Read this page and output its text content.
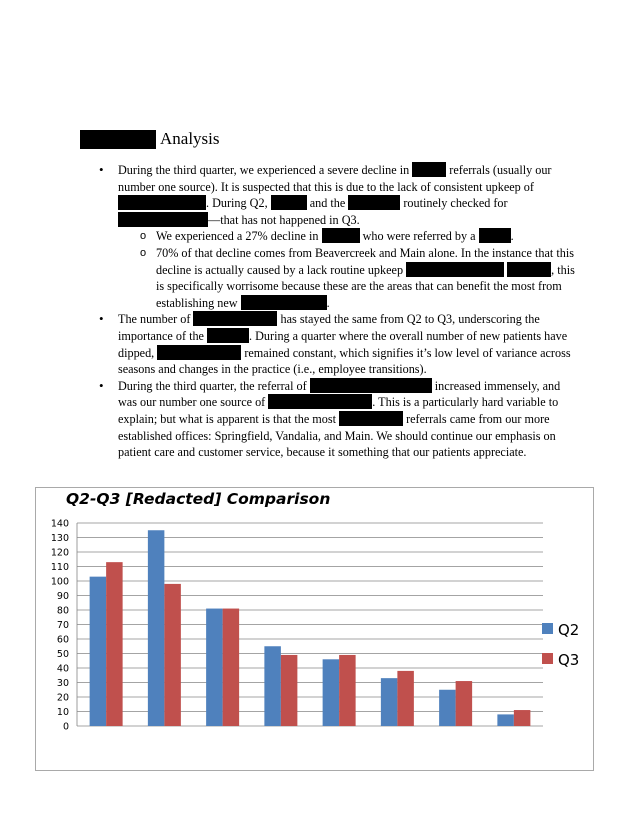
Analysis
• During the third quarter, we experienced a severe decline in	referrals (usually our number one source). It is suspected that this is due to the lack of consistent upkeep of . During Q2,	and the	routinely checked for —that has not happened in Q3.
o We experienced a 27% decline in	who were referred by a	.
o 70% of that decline comes from Beavercreek and Main alone. In the instance that this decline is actually caused by a lack routine upkeep	, this is specifically worrisome because these are the areas that can benefit the most from establishing new	.
• The number of	has stayed the same from Q2 to Q3, underscoring the importance of the	. During a quarter where the overall number of new patients have dipped,	remained constant, which signifies it’s low level of variance across seasons and changes in the practice (i.e., employee transitions).
• During the third quarter, the referral of	increased immensely, and was our number one source of	. This is a particularly hard variable to explain; but what is apparent is that the most	referrals came from our more established offices: Springfield, Vandalia, and Main. We should continue our emphasis on patient care and customer service, because it something that our patients appreciate.
Q2-Q3 [Redacted] Comparison
0
10
20
30
40
50
60
70
80
90
100
110
120
130
140
Q2
Q3
